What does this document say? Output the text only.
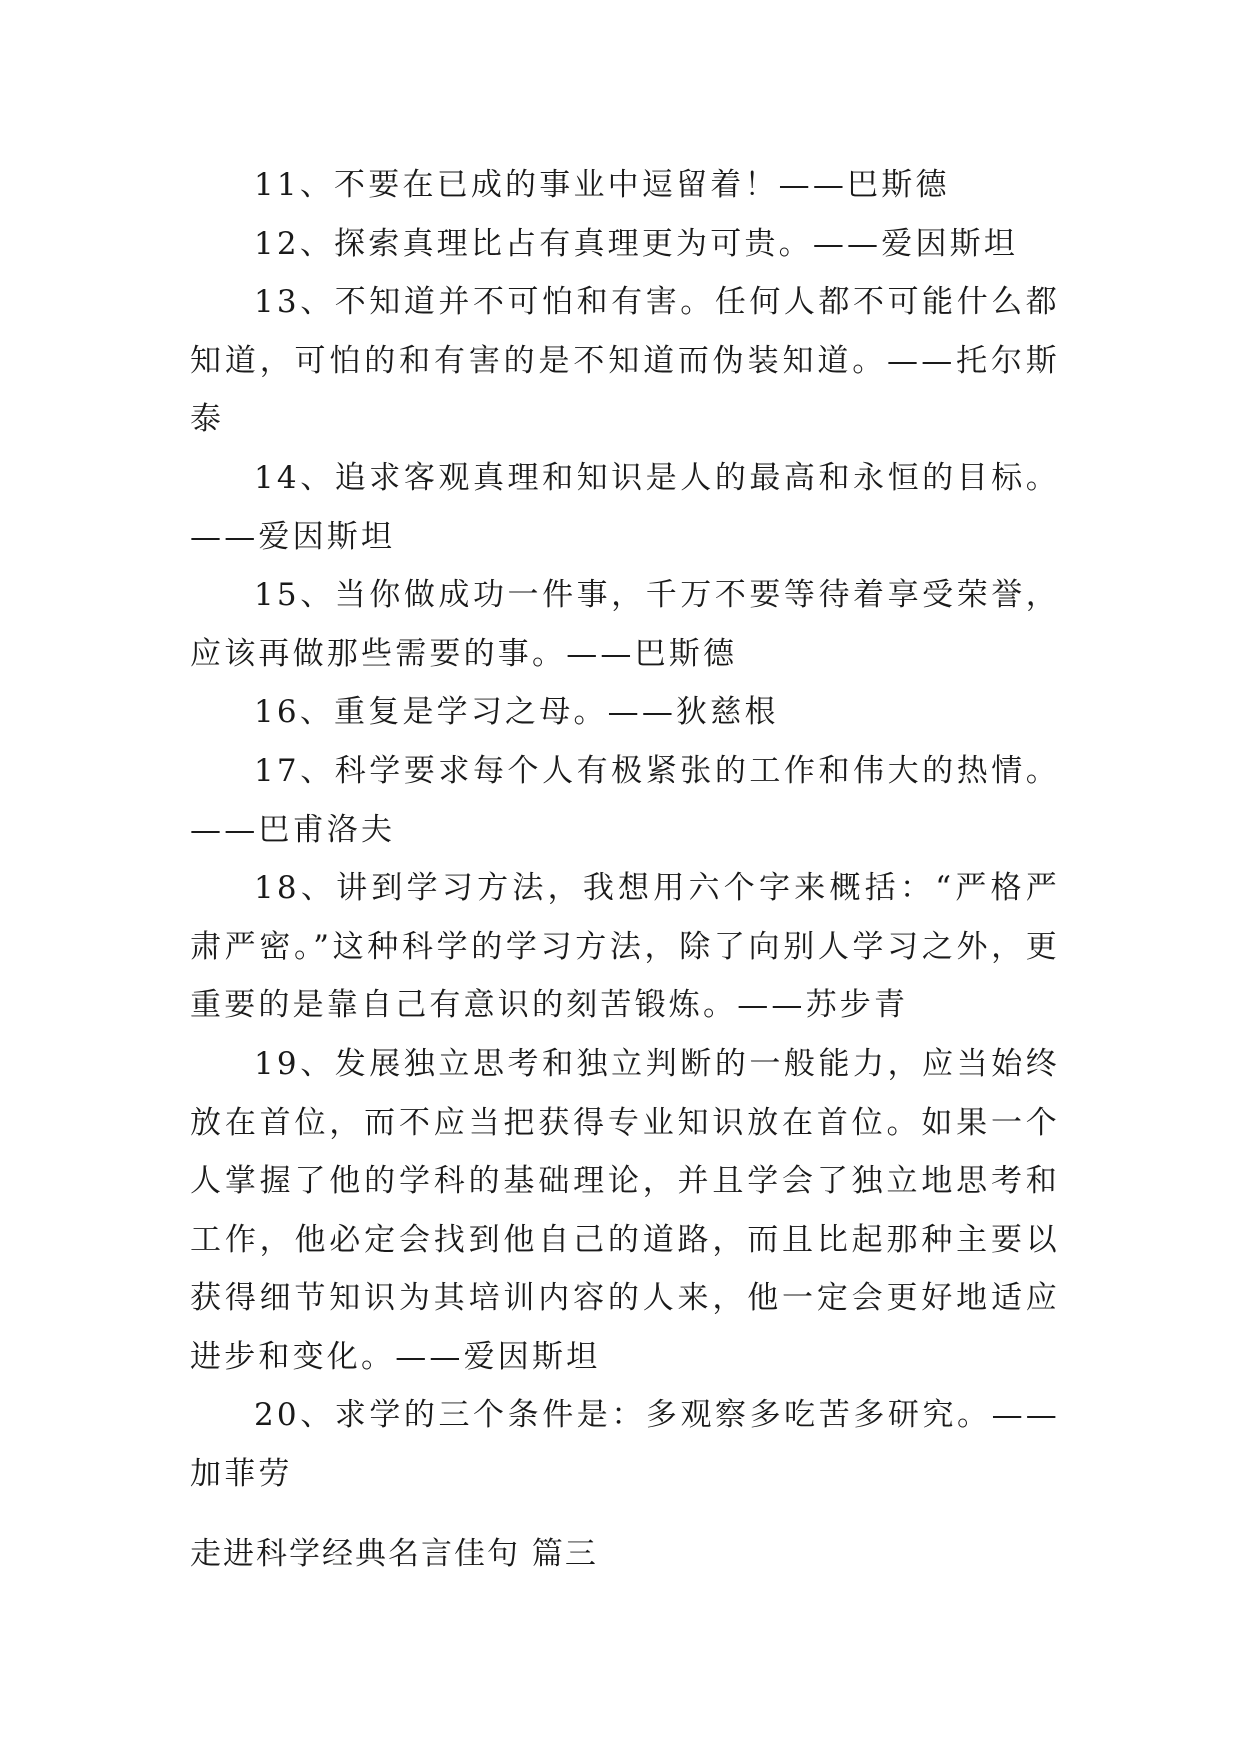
11、不要在已成的事业中逗留着！——巴斯德

12、探索真理比占有真理更为可贵。——爱因斯坦

13、不知道并不可怕和有害。任何人都不可能什么都知道，可怕的和有害的是不知道而伪装知道。——托尔斯泰

14、追求客观真理和知识是人的最高和永恒的目标。——爱因斯坦

15、当你做成功一件事，千万不要等待着享受荣誉，应该再做那些需要的事。——巴斯德

16、重复是学习之母。——狄慈根

17、科学要求每个人有极紧张的工作和伟大的热情。——巴甫洛夫

18、讲到学习方法，我想用六个字来概括：“严格严肃严密。”这种科学的学习方法，除了向别人学习之外，更重要的是靠自己有意识的刻苦锻炼。——苏步青

19、发展独立思考和独立判断的一般能力，应当始终放在首位，而不应当把获得专业知识放在首位。如果一个人掌握了他的学科的基础理论，并且学会了独立地思考和工作，他必定会找到他自己的道路，而且比起那种主要以获得细节知识为其培训内容的人来，他一定会更好地适应进步和变化。——爱因斯坦

20、求学的三个条件是：多观察多吃苦多研究。——加菲劳

走进科学经典名言佳句 篇三
